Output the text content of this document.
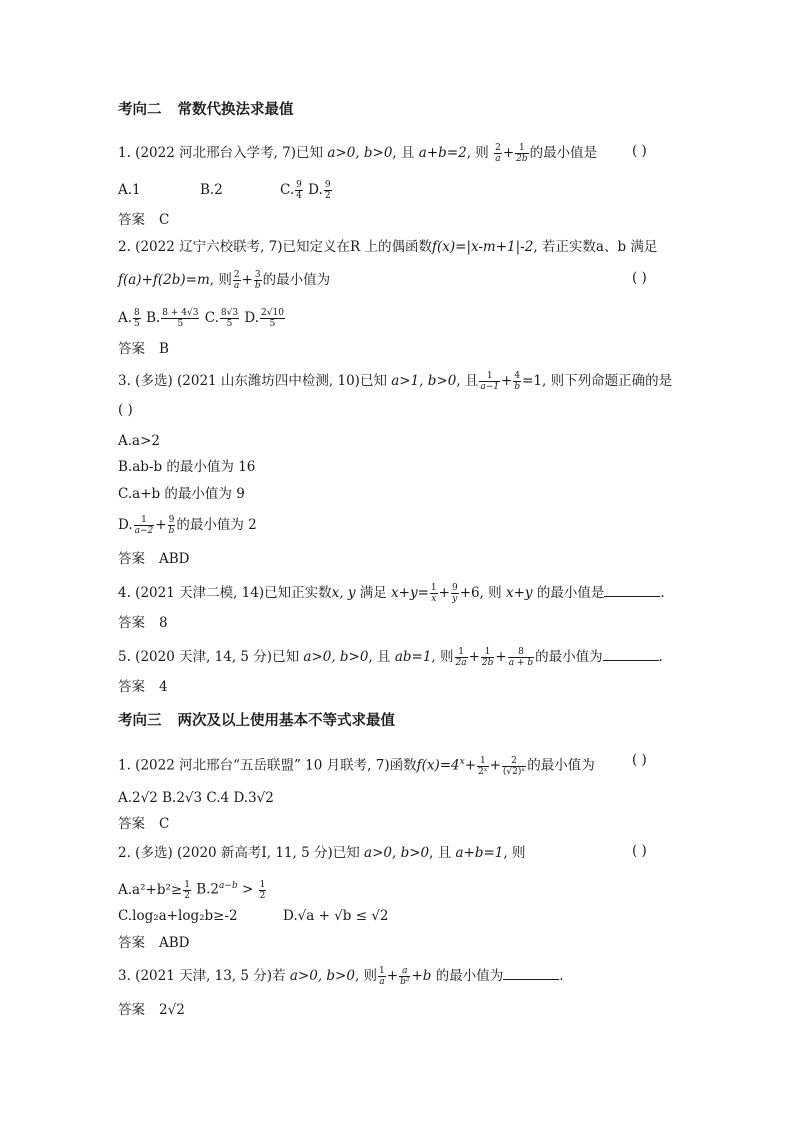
考向二 常数代换法求最值
1. (2022 河北邢台入学考, 7)已知 a>0, b>0, 且 a+b=2, 则 $\frac{2}{a} + \frac{1}{2b}$ 的最小值是	( )
A.1	B.2	C. $\frac{9}{4} D$. $\frac{9}{2}$
答案 C
2. (2022 辽宁六校联考, 7)已知定义在R 上的偶函数f(x)=|x-m+1|-2, 若正实数a、b 满足
f(a)+f(2b)=m, 则 $\frac{2}{a} + \frac{3}{b}$ 的最小值为	( )
A. $\frac{8}{5} B$. $\frac{8 + 4√3}{5} C$. $\frac{8√3}{5} D$. $\frac{2√10}{5}$
答案 B
3. (多选) (2021 山东潍坊四中检测, 10)已知 a>1, b>0, 且 $\frac{1}{a-1} + \frac{4}{b} =1$, 则下列命题正确的是
( )
A.a>2
B.ab-b 的最小值为 16
C.a+b 的最小值为 9
D. $\frac{1}{a-2} + \frac{9}{b}$ 的最小值为 2
答案 ABD
4. (2021 天津二模, 14)已知正实数x, y 满足 $x+y= \frac{1}{x} + \frac{9}{y} +6$, 则 x+y 的最小值是	.
答案 8
5. (2020 天津, 14, 5 分)已知 a>0, b>0, 且 ab=1, 则 $\frac{1}{2a} + \frac{1}{2b} + \frac{8}{a + b}$ 的最小值为	.
答案 4
考向三 两次及以上使用基本不等式求最值
1. (2022 河北邢台“五岳联盟” 10 月联考, 7)函数$f(x)=4^x+ \frac{1}{\text{2ˣ}} + \frac{2}{\text{(√2)ˣ}}$ 的最小值为	( )
A.2√2 B.2√3 C.4 D.3√2
答案 C
2. (多选) (2020 新高考Ⅰ, 11, 5 分)已知 a>0, b>0, 且 a+b=1, 则	( )
$A.a^2+b^2\ge \frac{1}{2} B.2^{a-b} > \frac{1}{2}$
C.log₂a+log₂b≥-2	D.√a + √b ≤ √2
答案 ABD
3. (2021 天津, 13, 5 分)若 a>0, b>0, 则 $\frac{1}{a} + \frac{a}{\text{b²}} +b$ 的最小值为	.
答案 2√2
